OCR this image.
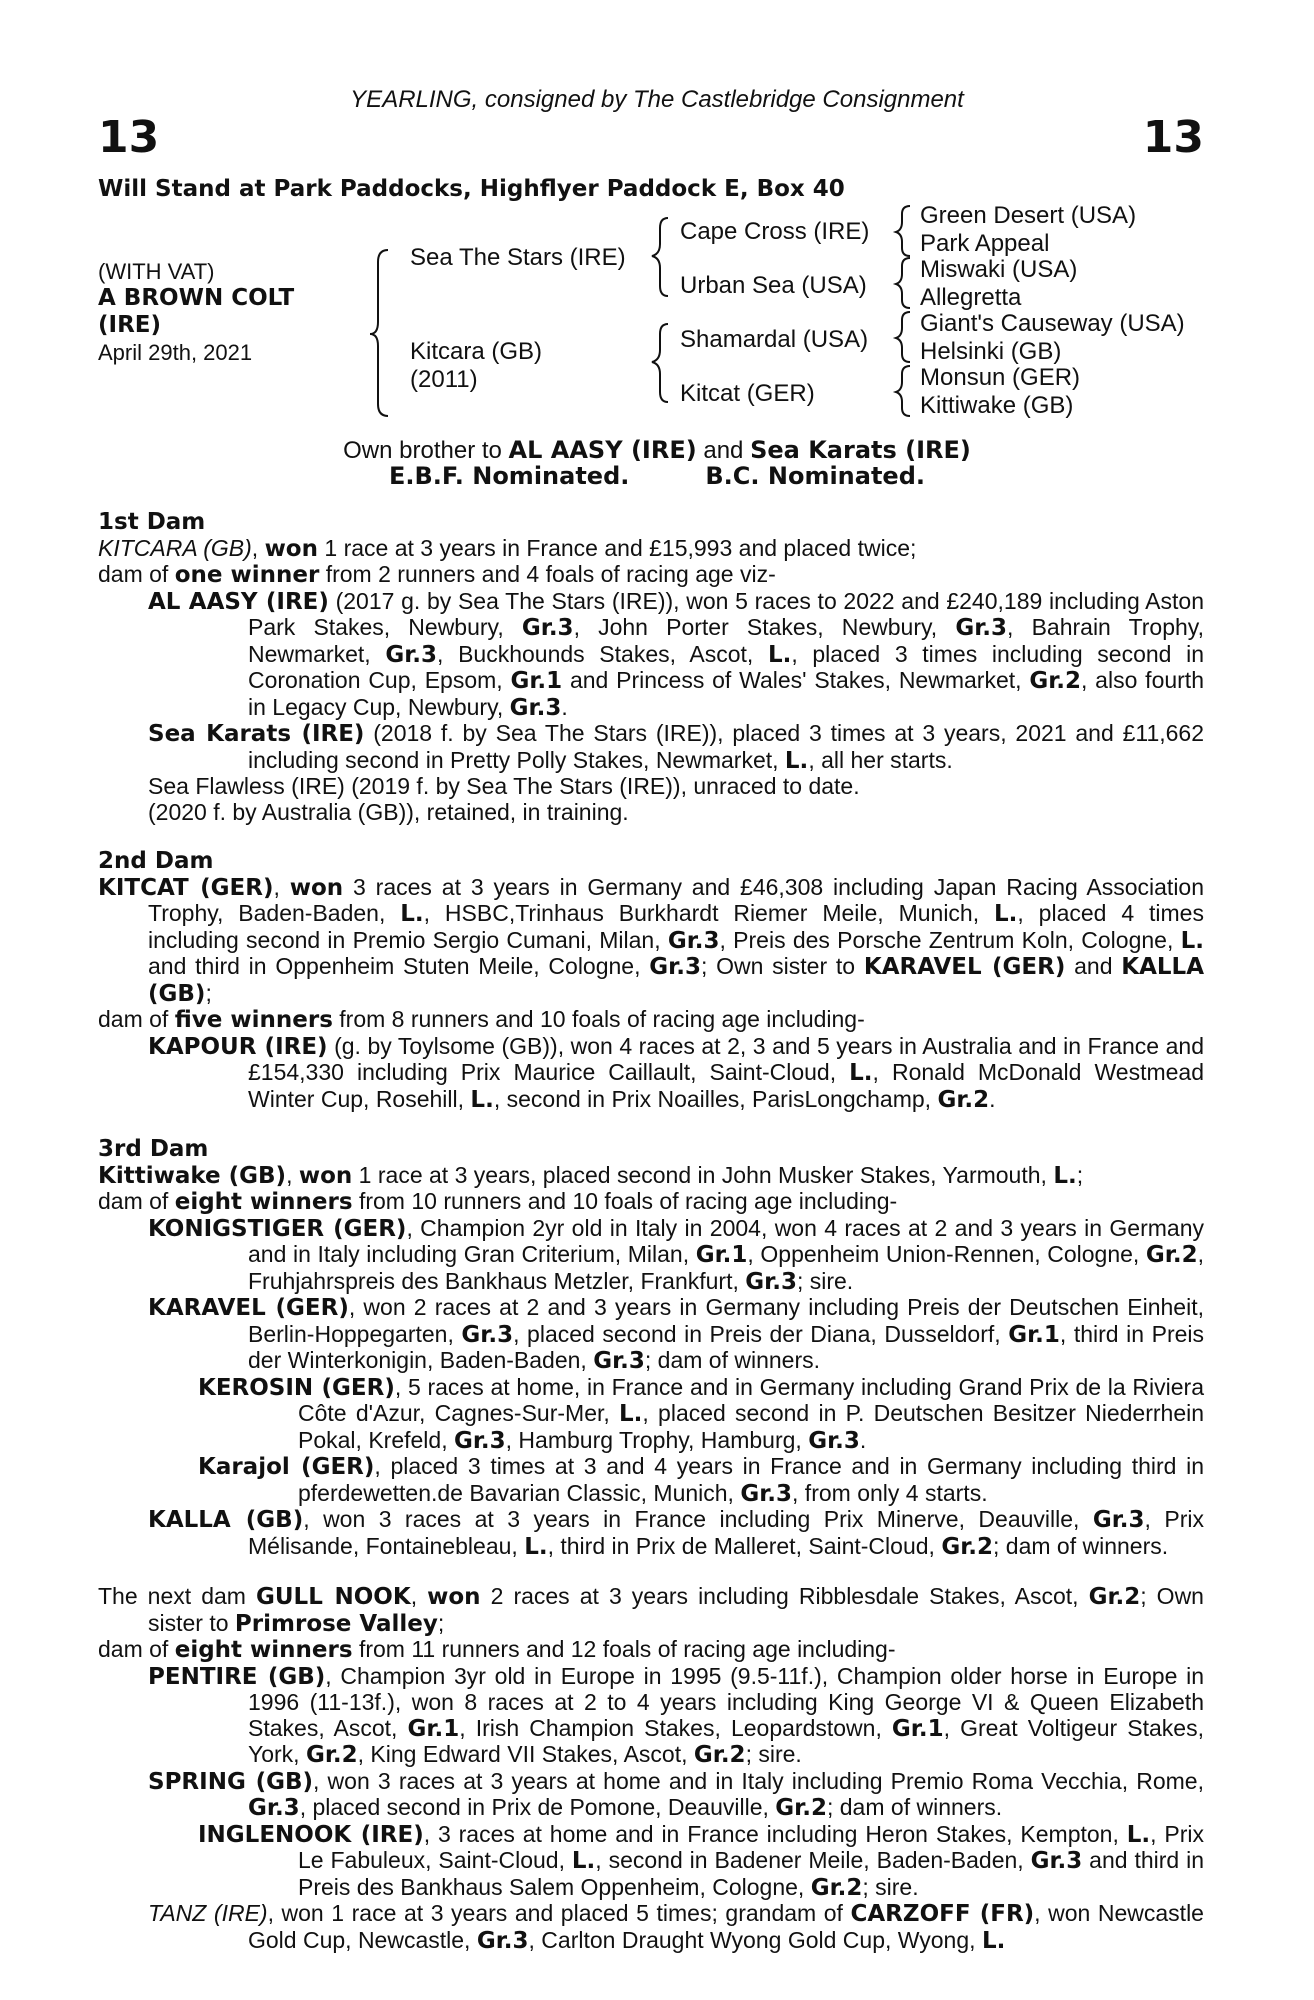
13	13
YEARLING, consigned by The Castlebridge Consignment
Will Stand at Park Paddocks, Highflyer Paddock E, Box 40
(WITH VAT)
A BROWN COLT
(IRE)
April 29th, 2021
Sea The Stars (IRE)
Kitcara (GB)
(2011)
Cape Cross (IRE)
Urban Sea (USA)
Shamardal (USA)
Kitcat (GER)
Green Desert (USA)
Park Appeal
Miswaki (USA)
Allegretta
Giant's Causeway (USA)
Helsinki (GB)
Monsun (GER)
Kittiwake (GB)
Own brother to AL AASY (IRE) and Sea Karats (IRE)
E.B.F. Nominated.	B.C. Nominated.

1st Dam

KITCARA (GB), won 1 race at 3 years in France and £15,993 and placed twice;

dam of one winner from 2 runners and 4 foals of racing age viz-

AL AASY (IRE) (2017 g. by Sea The Stars (IRE)), won 5 races to 2022 and £240,189 including Aston Park Stakes, Newbury, Gr.3, John Porter Stakes, Newbury, Gr.3, Bahrain Trophy, Newmarket, Gr.3, Buckhounds Stakes, Ascot, L., placed 3 times including second in Coronation Cup, Epsom, Gr.1 and Princess of Wales' Stakes, Newmarket, Gr.2, also fourth in Legacy Cup, Newbury, Gr.3.

Sea Karats (IRE) (2018 f. by Sea The Stars (IRE)), placed 3 times at 3 years, 2021 and £11,662 including second in Pretty Polly Stakes, Newmarket, L., all her starts.

Sea Flawless (IRE) (2019 f. by Sea The Stars (IRE)), unraced to date.

(2020 f. by Australia (GB)), retained, in training.

2nd Dam

KITCAT (GER), won 3 races at 3 years in Germany and £46,308 including Japan Racing Association Trophy, Baden-Baden, L., HSBC,Trinhaus Burkhardt Riemer Meile, Munich, L., placed 4 times including second in Premio Sergio Cumani, Milan, Gr.3, Preis des Porsche Zentrum Koln, Cologne, L. and third in Oppenheim Stuten Meile, Cologne, Gr.3; Own sister to KARAVEL (GER) and KALLA (GB);

dam of five winners from 8 runners and 10 foals of racing age including-

KAPOUR (IRE) (g. by Toylsome (GB)), won 4 races at 2, 3 and 5 years in Australia and in France and £154,330 including Prix Maurice Caillault, Saint-Cloud, L., Ronald McDonald Westmead Winter Cup, Rosehill, L., second in Prix Noailles, ParisLongchamp, Gr.2.

3rd Dam

Kittiwake (GB), won 1 race at 3 years, placed second in John Musker Stakes, Yarmouth, L.;

dam of eight winners from 10 runners and 10 foals of racing age including-

KONIGSTIGER (GER), Champion 2yr old in Italy in 2004, won 4 races at 2 and 3 years in Germany and in Italy including Gran Criterium, Milan, Gr.1, Oppenheim Union-Rennen, Cologne, Gr.2, Fruhjahrspreis des Bankhaus Metzler, Frankfurt, Gr.3; sire.

KARAVEL (GER), won 2 races at 2 and 3 years in Germany including Preis der Deutschen Einheit, Berlin-Hoppegarten, Gr.3, placed second in Preis der Diana, Dusseldorf, Gr.1, third in Preis der Winterkonigin, Baden-Baden, Gr.3; dam of winners.

KEROSIN (GER), 5 races at home, in France and in Germany including Grand Prix de la Riviera Côte d'Azur, Cagnes-Sur-Mer, L., placed second in P. Deutschen Besitzer Niederrhein Pokal, Krefeld, Gr.3, Hamburg Trophy, Hamburg, Gr.3.

Karajol (GER), placed 3 times at 3 and 4 years in France and in Germany including third in pferdewetten.de Bavarian Classic, Munich, Gr.3, from only 4 starts.

KALLA (GB), won 3 races at 3 years in France including Prix Minerve, Deauville, Gr.3, Prix Mélisande, Fontainebleau, L., third in Prix de Malleret, Saint-Cloud, Gr.2; dam of winners.

The next dam GULL NOOK, won 2 races at 3 years including Ribblesdale Stakes, Ascot, Gr.2; Own sister to Primrose Valley;

dam of eight winners from 11 runners and 12 foals of racing age including-

PENTIRE (GB), Champion 3yr old in Europe in 1995 (9.5-11f.), Champion older horse in Europe in 1996 (11-13f.), won 8 races at 2 to 4 years including King George VI & Queen Elizabeth Stakes, Ascot, Gr.1, Irish Champion Stakes, Leopardstown, Gr.1, Great Voltigeur Stakes, York, Gr.2, King Edward VII Stakes, Ascot, Gr.2; sire.

SPRING (GB), won 3 races at 3 years at home and in Italy including Premio Roma Vecchia, Rome, Gr.3, placed second in Prix de Pomone, Deauville, Gr.2; dam of winners.

INGLENOOK (IRE), 3 races at home and in France including Heron Stakes, Kempton, L., Prix Le Fabuleux, Saint-Cloud, L., second in Badener Meile, Baden-Baden, Gr.3 and third in Preis des Bankhaus Salem Oppenheim, Cologne, Gr.2; sire.

TANZ (IRE), won 1 race at 3 years and placed 5 times; grandam of CARZOFF (FR), won Newcastle Gold Cup, Newcastle, Gr.3, Carlton Draught Wyong Gold Cup, Wyong, L.
